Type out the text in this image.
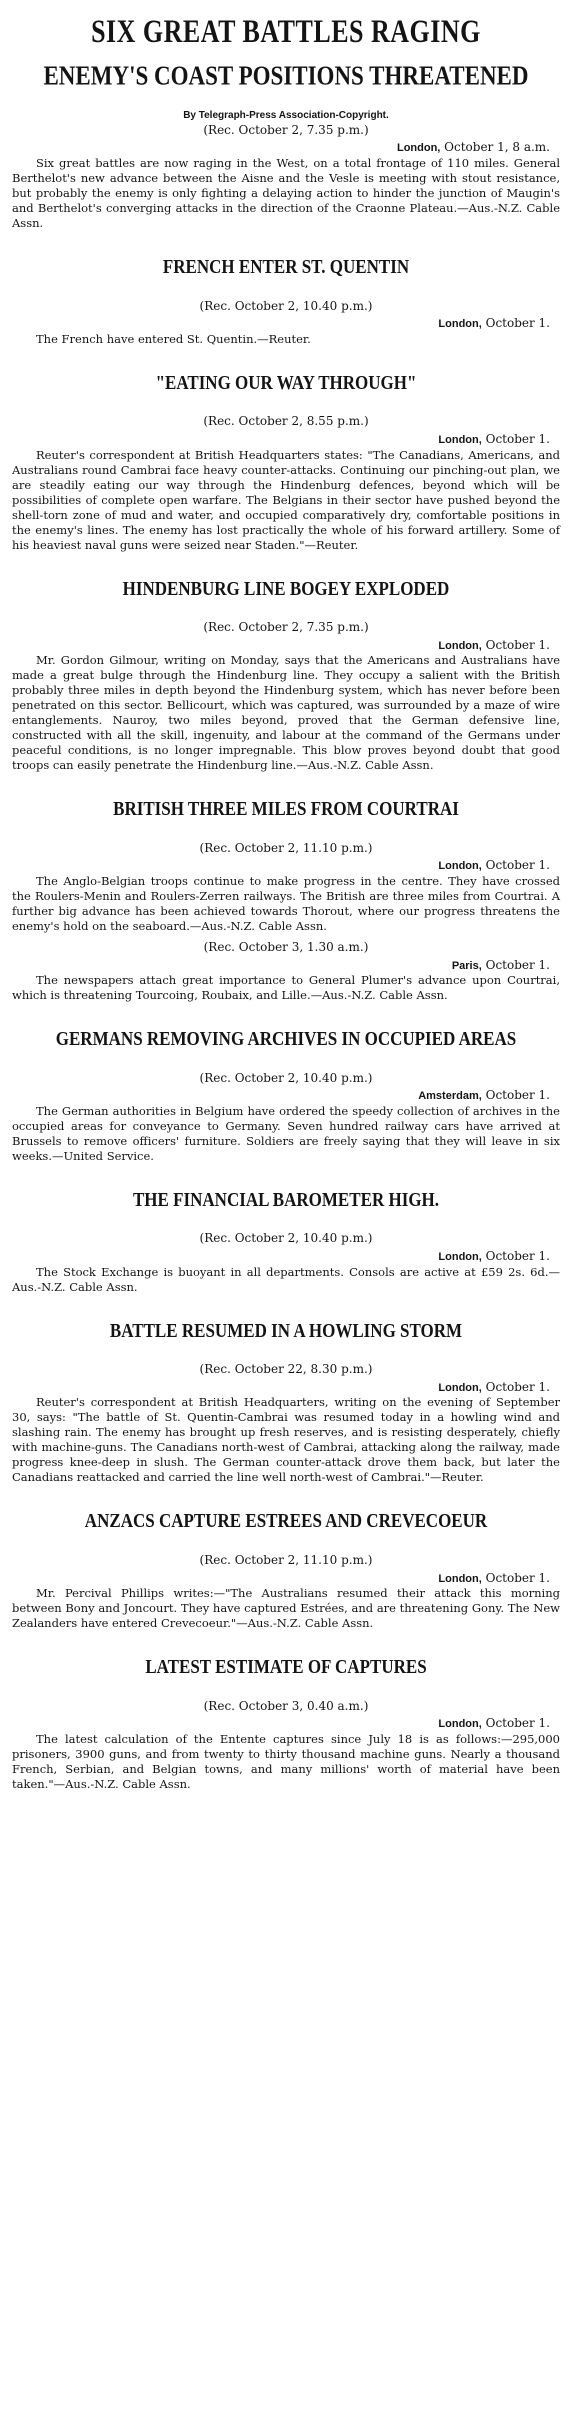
SIX GREAT BATTLES RAGING
ENEMY'S COAST POSITIONS THREATENED
By Telegraph-Press Association-Copyright.
(Rec. October 2, 7.35 p.m.)
London, October 1, 8 a.m.

Six great battles are now raging in the West, on a total frontage of 110 miles. General Berthelot's new advance between the Aisne and the Vesle is meeting with stout resistance, but probably the enemy is only fighting a delaying action to hinder the junction of Maugin's and Berthelot's converging attacks in the direction of the Craonne Plateau.—Aus.-N.Z. Cable Assn.

FRENCH ENTER ST. QUENTIN
(Rec. October 2, 10.40 p.m.)
London, October 1.

The French have entered St. Quentin.—Reuter.

"EATING OUR WAY THROUGH"
(Rec. October 2, 8.55 p.m.)
London, October 1.

Reuter's correspondent at British Headquarters states: "The Canadians, Americans, and Australians round Cambrai face heavy counter-attacks. Continuing our pinching-out plan, we are steadily eating our way through the Hindenburg defences, beyond which will be possibilities of complete open warfare. The Belgians in their sector have pushed beyond the shell-torn zone of mud and water, and occupied comparatively dry, comfortable positions in the enemy's lines. The enemy has lost practically the whole of his forward artillery. Some of his heaviest naval guns were seized near Staden."—Reuter.

HINDENBURG LINE BOGEY EXPLODED
(Rec. October 2, 7.35 p.m.)
London, October 1.

Mr. Gordon Gilmour, writing on Monday, says that the Americans and Australians have made a great bulge through the Hindenburg line. They occupy a salient with the British probably three miles in depth beyond the Hindenburg system, which has never before been penetrated on this sector. Bellicourt, which was captured, was surrounded by a maze of wire entanglements. Nauroy, two miles beyond, proved that the German defensive line, constructed with all the skill, ingenuity, and labour at the command of the Germans under peaceful conditions, is no longer impregnable. This blow proves beyond doubt that good troops can easily penetrate the Hindenburg line.—Aus.-N.Z. Cable Assn.

BRITISH THREE MILES FROM COURTRAI
(Rec. October 2, 11.10 p.m.)
London, October 1.

The Anglo-Belgian troops continue to make progress in the centre. They have crossed the Roulers-Menin and Roulers-Zerren railways. The British are three miles from Courtrai. A further big advance has been achieved towards Thorout, where our progress threatens the enemy's hold on the seaboard.—Aus.-N.Z. Cable Assn.

(Rec. October 3, 1.30 a.m.)
Paris, October 1.

The newspapers attach great importance to General Plumer's advance upon Courtrai, which is threatening Tourcoing, Roubaix, and Lille.—Aus.-N.Z. Cable Assn.

GERMANS REMOVING ARCHIVES IN OCCUPIED AREAS
(Rec. October 2, 10.40 p.m.)
Amsterdam, October 1.

The German authorities in Belgium have ordered the speedy collection of archives in the occupied areas for conveyance to Germany. Seven hundred railway cars have arrived at Brussels to remove officers' furniture. Soldiers are freely saying that they will leave in six weeks.—United Service.

THE FINANCIAL BAROMETER HIGH.
(Rec. October 2, 10.40 p.m.)
London, October 1.

The Stock Exchange is buoyant in all departments. Consols are active at £59 2s. 6d.—Aus.-N.Z. Cable Assn.

BATTLE RESUMED IN A HOWLING STORM
(Rec. October 22, 8.30 p.m.)
London, October 1.

Reuter's correspondent at British Headquarters, writing on the evening of September 30, says: "The battle of St. Quentin-Cambrai was resumed today in a howling wind and slashing rain. The enemy has brought up fresh reserves, and is resisting desperately, chiefly with machine-guns. The Canadians north-west of Cambrai, attacking along the railway, made progress knee-deep in slush. The German counter-attack drove them back, but later the Canadians reattacked and carried the line well north-west of Cambrai."—Reuter.

ANZACS CAPTURE ESTREES AND CREVECOEUR
(Rec. October 2, 11.10 p.m.)
London, October 1.

Mr. Percival Phillips writes:—"The Australians resumed their attack this morning between Bony and Joncourt. They have captured Estrées, and are threatening Gony. The New Zealanders have entered Crevecoeur."—Aus.-N.Z. Cable Assn.

LATEST ESTIMATE OF CAPTURES
(Rec. October 3, 0.40 a.m.)
London, October 1.

The latest calculation of the Entente captures since July 18 is as follows:—295,000 prisoners, 3900 guns, and from twenty to thirty thousand machine guns. Nearly a thousand French, Serbian, and Belgian towns, and many millions' worth of material have been taken."—Aus.-N.Z. Cable Assn.
